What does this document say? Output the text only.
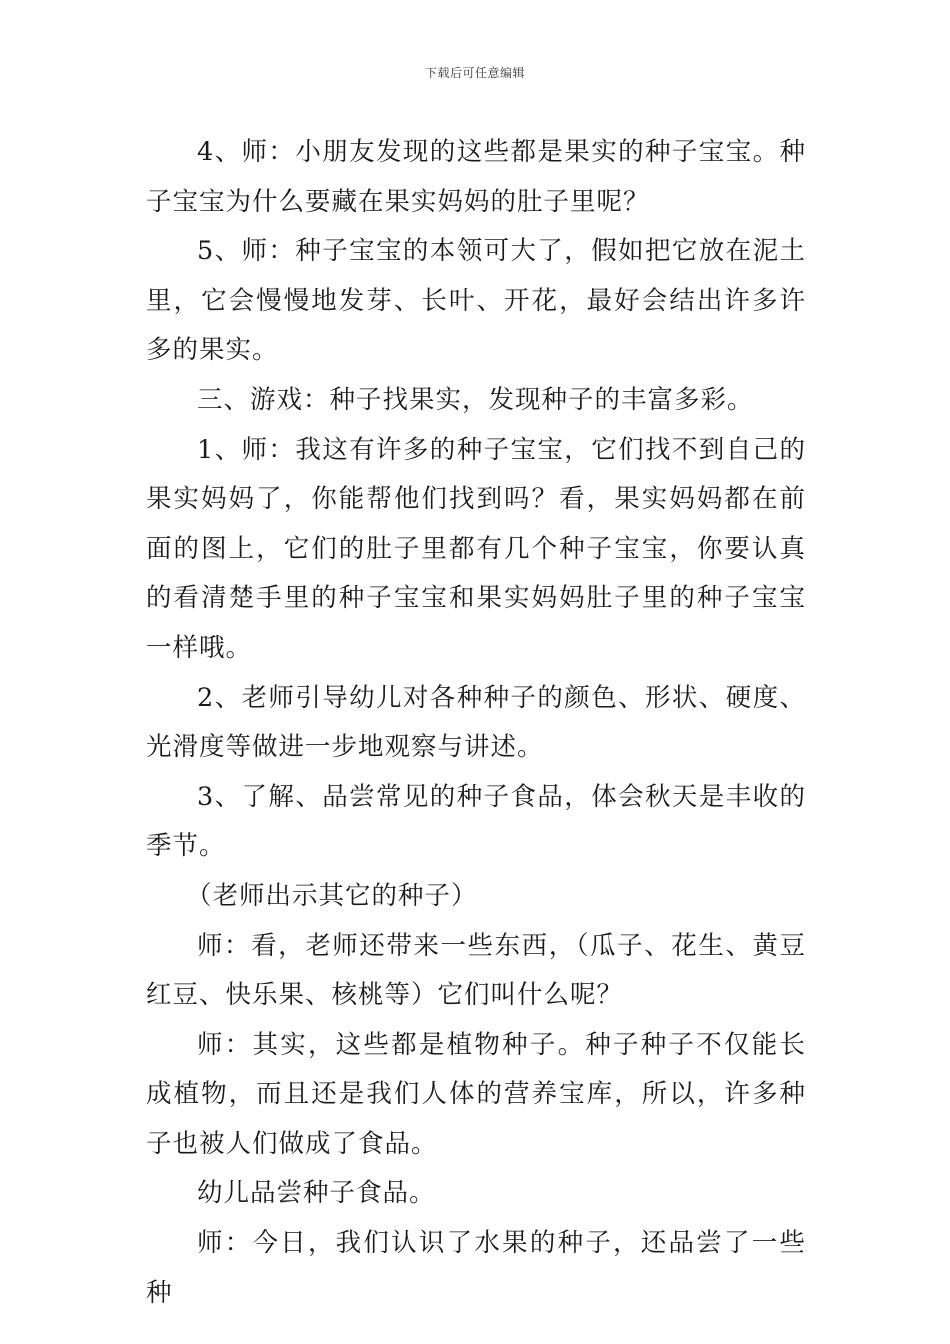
下载后可任意编辑

4、师：小朋友发现的这些都是果实的种子宝宝。种子宝宝为什么要藏在果实妈妈的肚子里呢？

5、师：种子宝宝的本领可大了，假如把它放在泥土里，它会慢慢地发芽、长叶、开花，最好会结出许多许多的果实。

三、游戏：种子找果实，发现种子的丰富多彩。

1、师：我这有许多的种子宝宝，它们找不到自己的果实妈妈了，你能帮他们找到吗？看，果实妈妈都在前面的图上，它们的肚子里都有几个种子宝宝，你要认真的看清楚手里的种子宝宝和果实妈妈肚子里的种子宝宝一样哦。

2、老师引导幼儿对各种种子的颜色、形状、硬度、光滑度等做进一步地观察与讲述。

3、了解、品尝常见的种子食品，体会秋天是丰收的季节。

（老师出示其它的种子）

师：看，老师还带来一些东西，（瓜子、花生、黄豆红豆、快乐果、核桃等）它们叫什么呢？

师：其实，这些都是植物种子。种子种子不仅能长成植物，而且还是我们人体的营养宝库，所以，许多种子也被人们做成了食品。

幼儿品尝种子食品。

师：今日，我们认识了水果的种子，还品尝了一些种
